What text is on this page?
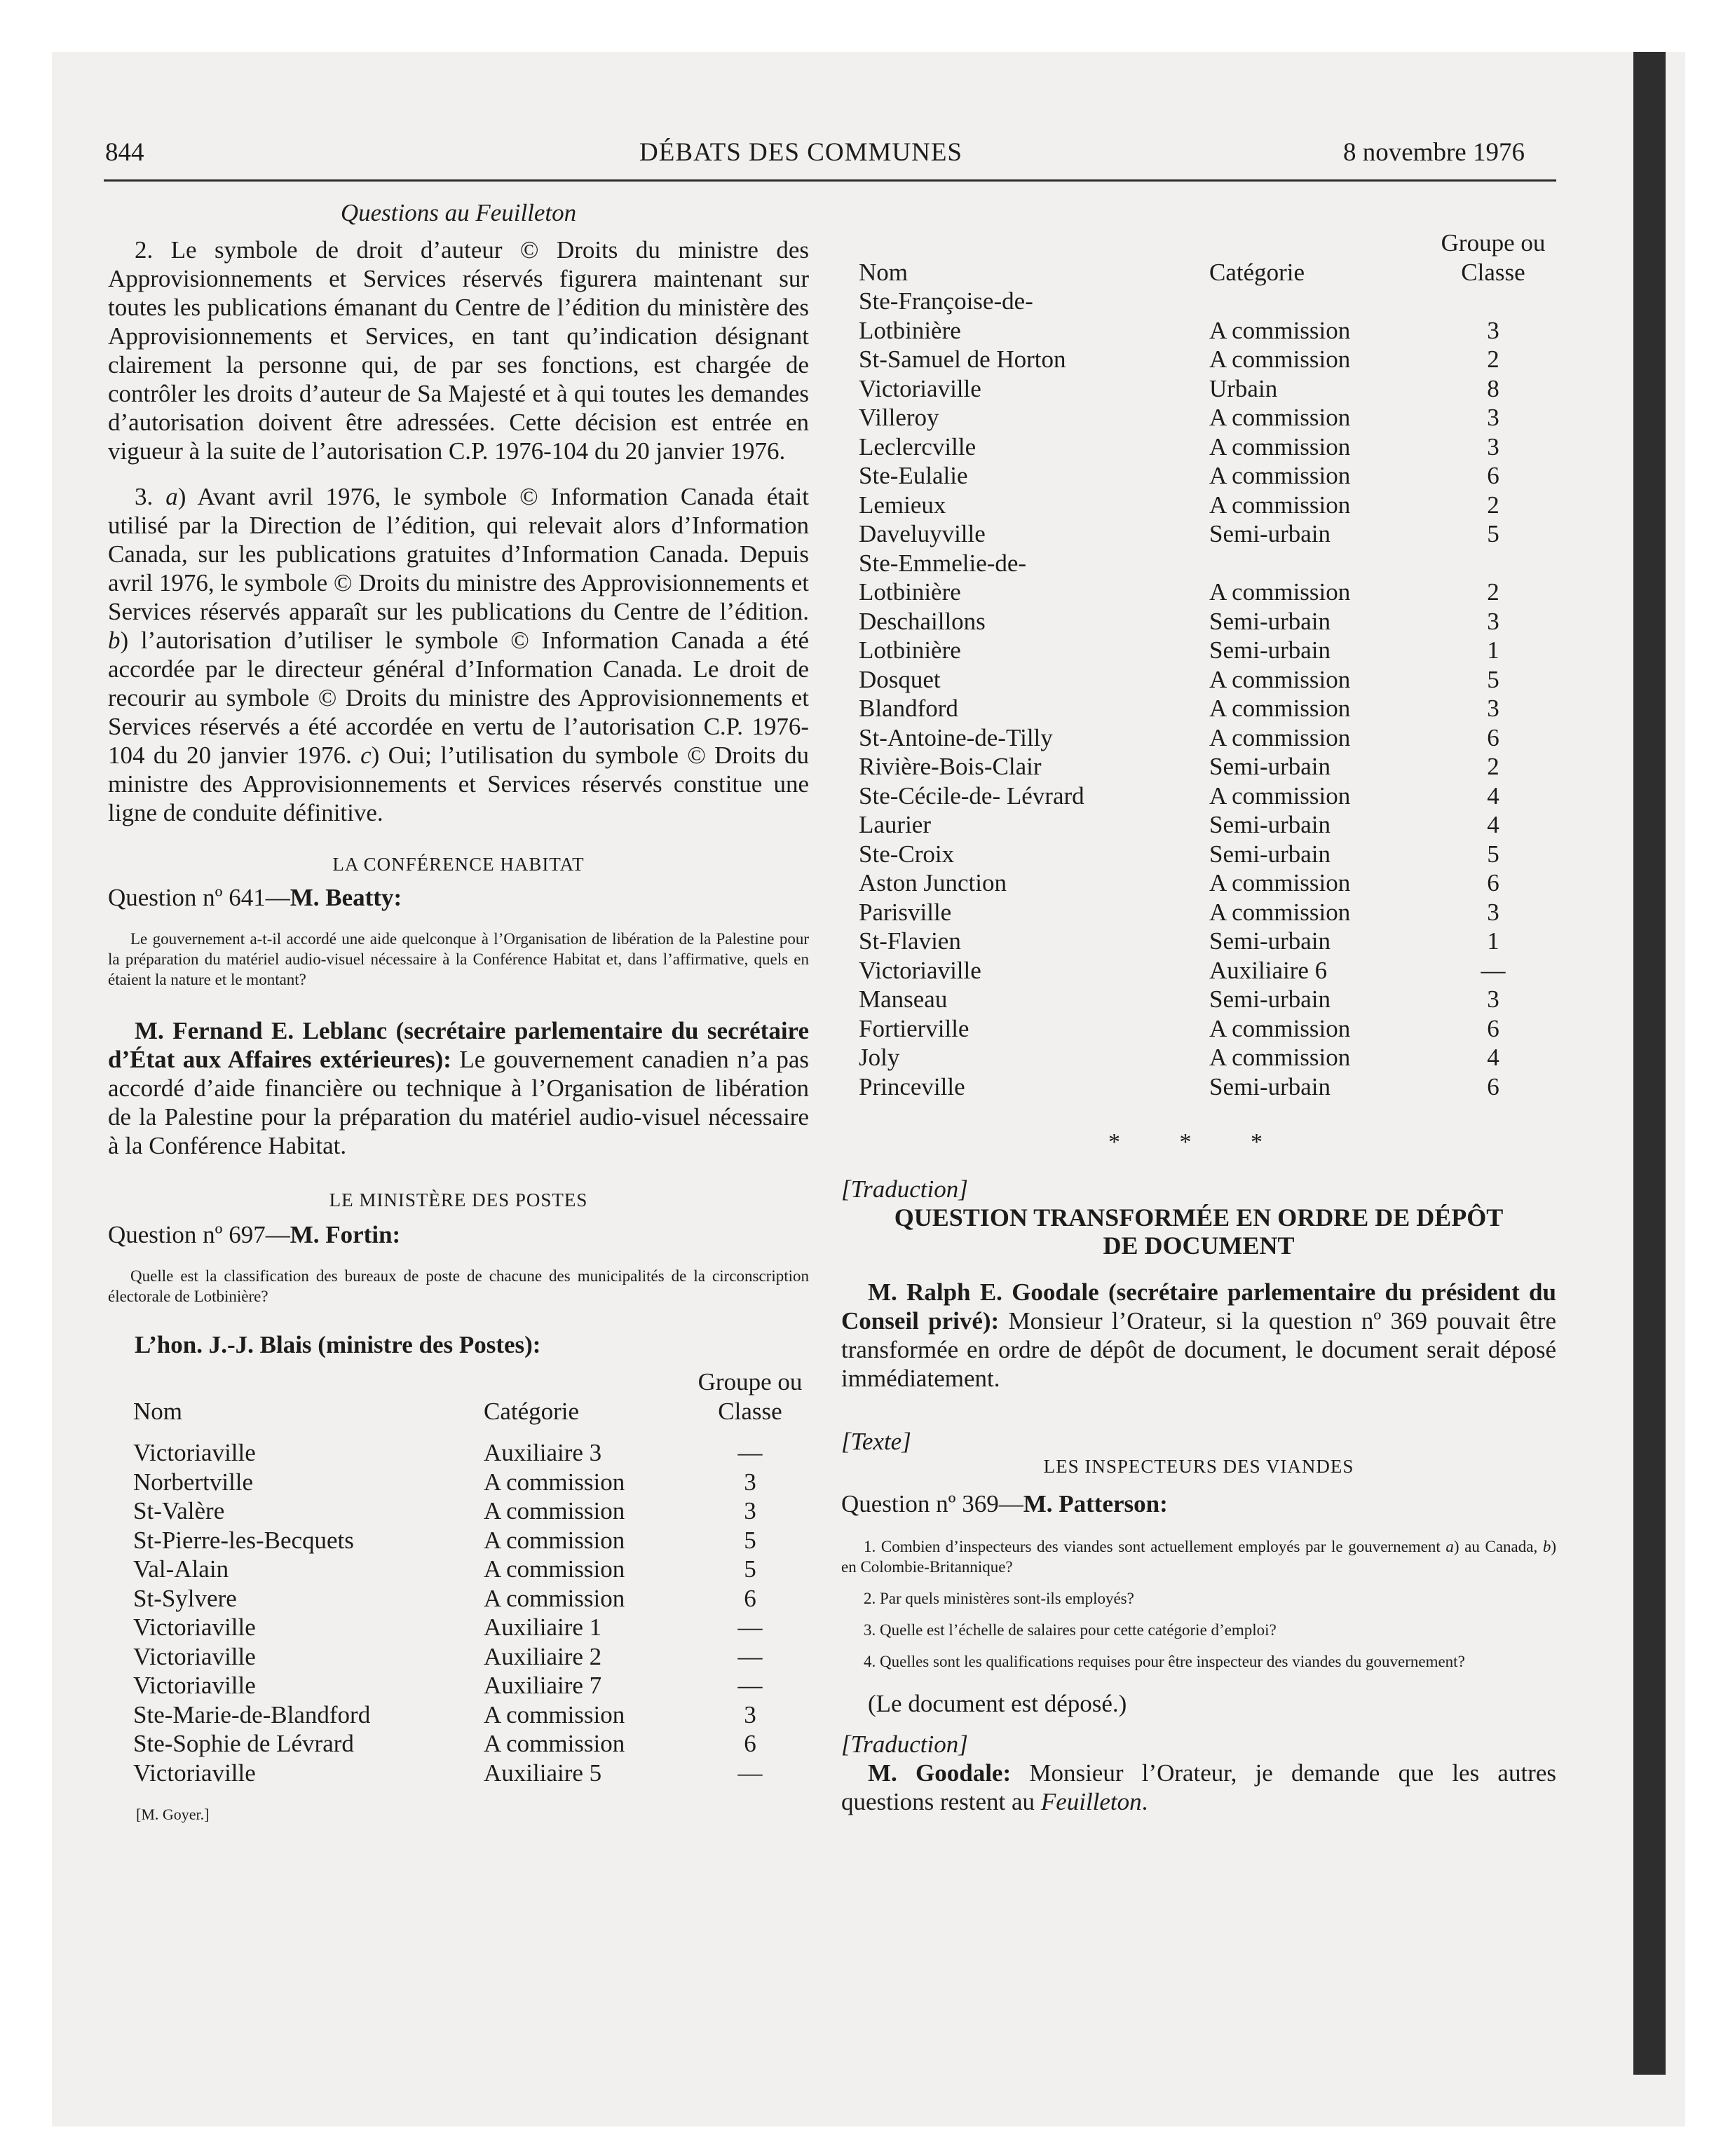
844	DÉBATS DES COMMUNES	8 novembre 1976
Questions au Feuilleton

2. Le symbole de droit d’auteur © Droits du ministre des Approvisionnements et Services réservés figurera maintenant sur toutes les publications émanant du Centre de l’édition du ministère des Approvisionnements et Services, en tant qu’indication désignant clairement la personne qui, de par ses fonctions, est chargée de contrôler les droits d’auteur de Sa Majesté et à qui toutes les demandes d’autorisation doivent être adressées. Cette décision est entrée en vigueur à la suite de l’autorisation C.P. 1976-104 du 20 janvier 1976.

3. a) Avant avril 1976, le symbole © Information Canada était utilisé par la Direction de l’édition, qui relevait alors d’Information Canada, sur les publications gratuites d’Information Canada. Depuis avril 1976, le symbole © Droits du ministre des Approvisionnements et Services réservés apparaît sur les publications du Centre de l’édition. b) l’autorisation d’utiliser le symbole © Information Canada a été accordée par le directeur général d’Information Canada. Le droit de recourir au symbole © Droits du ministre des Approvisionnements et Services réservés a été accordée en vertu de l’autorisation C.P. 1976-104 du 20 janvier 1976. c) Oui; l’utilisation du symbole © Droits du ministre des Approvisionnements et Services réservés constitue une ligne de conduite définitive.

LA CONFÉRENCE HABITAT
Question nº 641—M. Beatty:

Le gouvernement a-t-il accordé une aide quelconque à l’Organisation de libération de la Palestine pour la préparation du matériel audio-visuel nécessaire à la Conférence Habitat et, dans l’affirmative, quels en étaient la nature et le montant?

M. Fernand E. Leblanc (secrétaire parlementaire du secrétaire d’État aux Affaires extérieures): Le gouvernement canadien n’a pas accordé d’aide financière ou technique à l’Organisation de libération de la Palestine pour la préparation du matériel audio-visuel nécessaire à la Conférence Habitat.

LE MINISTÈRE DES POSTES
Question nº 697—M. Fortin:

Quelle est la classification des bureaux de poste de chacune des municipalités de la circonscription électorale de Lotbinière?

L’hon. J.-J. Blais (ministre des Postes):

		Groupe ou
Nom	Catégorie	Classe

Victoriaville	Auxiliaire 3	—
Norbertville	A commission	3
St-Valère	A commission	3
St-Pierre-les-Becquets	A commission	5
Val-Alain	A commission	5
St-Sylvere	A commission	6
Victoriaville	Auxiliaire 1	—
Victoriaville	Auxiliaire 2	—
Victoriaville	Auxiliaire 7	—
Ste-Marie-de-Blandford	A commission	3
Ste-Sophie de Lévrard	A commission	6
Victoriaville	Auxiliaire 5	—
[M. Goyer.]
		Groupe ou
Nom	Catégorie	Classe
Ste-Françoise-de-		
Lotbinière	A commission	3
St-Samuel de Horton	A commission	2
Victoriaville	Urbain	8
Villeroy	A commission	3
Leclercville	A commission	3
Ste-Eulalie	A commission	6
Lemieux	A commission	2
Daveluyville	Semi-urbain	5
Ste-Emmelie-de-		
Lotbinière	A commission	2
Deschaillons	Semi-urbain	3
Lotbinière	Semi-urbain	1
Dosquet	A commission	5
Blandford	A commission	3
St-Antoine-de-Tilly	A commission	6
Rivière-Bois-Clair	Semi-urbain	2
Ste-Cécile-de- Lévrard	A commission	4
Laurier	Semi-urbain	4
Ste-Croix	Semi-urbain	5
Aston Junction	A commission	6
Parisville	A commission	3
St-Flavien	Semi-urbain	1
Victoriaville	Auxiliaire 6	—
Manseau	Semi-urbain	3
Fortierville	A commission	6
Joly	A commission	4
Princeville	Semi-urbain	6
* * *
[Traduction]
QUESTION TRANSFORMÉE EN ORDRE DE DÉPÔT
DE DOCUMENT

M. Ralph E. Goodale (secrétaire parlementaire du président du Conseil privé): Monsieur l’Orateur, si la question nº 369 pouvait être transformée en ordre de dépôt de document, le document serait déposé immédiatement.

[Texte]
LES INSPECTEURS DES VIANDES
Question nº 369—M. Patterson:

1. Combien d’inspecteurs des viandes sont actuellement employés par le gouvernement a) au Canada, b) en Colombie-Britannique?

2. Par quels ministères sont-ils employés?

3. Quelle est l’échelle de salaires pour cette catégorie d’emploi?

4. Quelles sont les qualifications requises pour être inspecteur des viandes du gouvernement?

(Le document est déposé.)
[Traduction]

M. Goodale: Monsieur l’Orateur, je demande que les autres questions restent au Feuilleton.
